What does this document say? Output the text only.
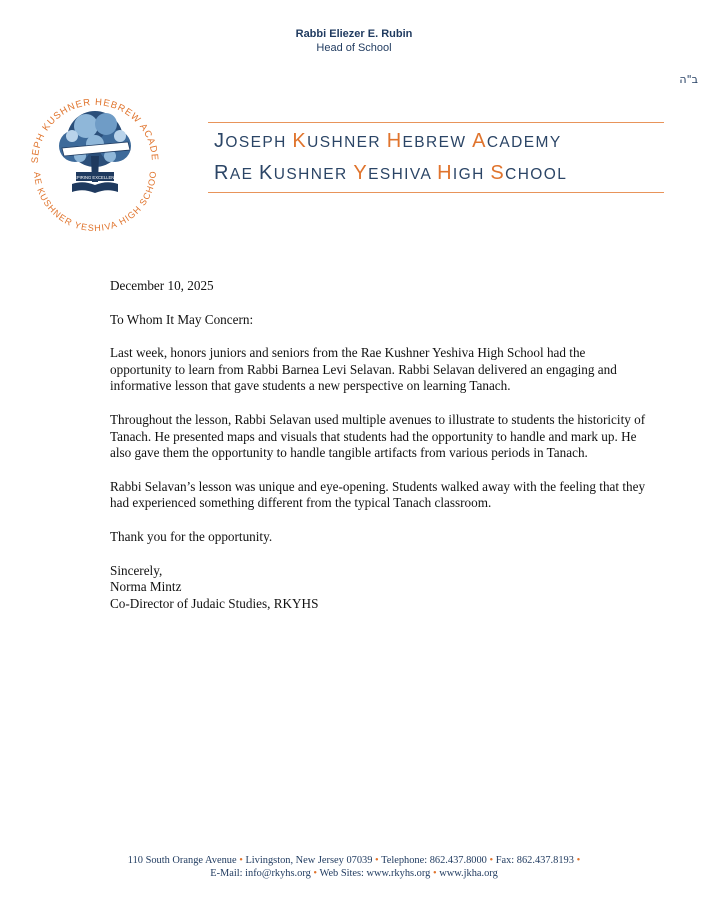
Rabbi Eliezer E. Rubin
Head of School
ב"ה
SEPH KUSHNER HEBREW ACADE
AE KUSHNER YESHIVA HIGH SCHOO
INSPIRING EXCELLENCE
JOSEPH KUSHNER HEBREW ACADEMY
RAE KUSHNER YESHIVA HIGH SCHOOL

December 10, 2025

To Whom It May Concern:

Last week, honors juniors and seniors from the Rae Kushner Yeshiva High School had the opportunity to learn from Rabbi Barnea Levi Selavan. Rabbi Selavan delivered an engaging and informative lesson that gave students a new perspective on learning Tanach.

Throughout the lesson, Rabbi Selavan used multiple avenues to illustrate to students the historicity of Tanach. He presented maps and visuals that students had the opportunity to handle and mark up. He also gave them the opportunity to handle tangible artifacts from various periods in Tanach.

Rabbi Selavan’s lesson was unique and eye-opening. Students walked away with the feeling that they had experienced something different from the typical Tanach classroom.

Thank you for the opportunity.

Sincerely,
Norma Mintz
Co-Director of Judaic Studies, RKYHS

110 South Orange Avenue • Livingston, New Jersey 07039 • Telephone: 862.437.8000 • Fax: 862.437.8193 •
E-Mail: info@rkyhs.org • Web Sites: www.rkyhs.org • www.jkha.org
